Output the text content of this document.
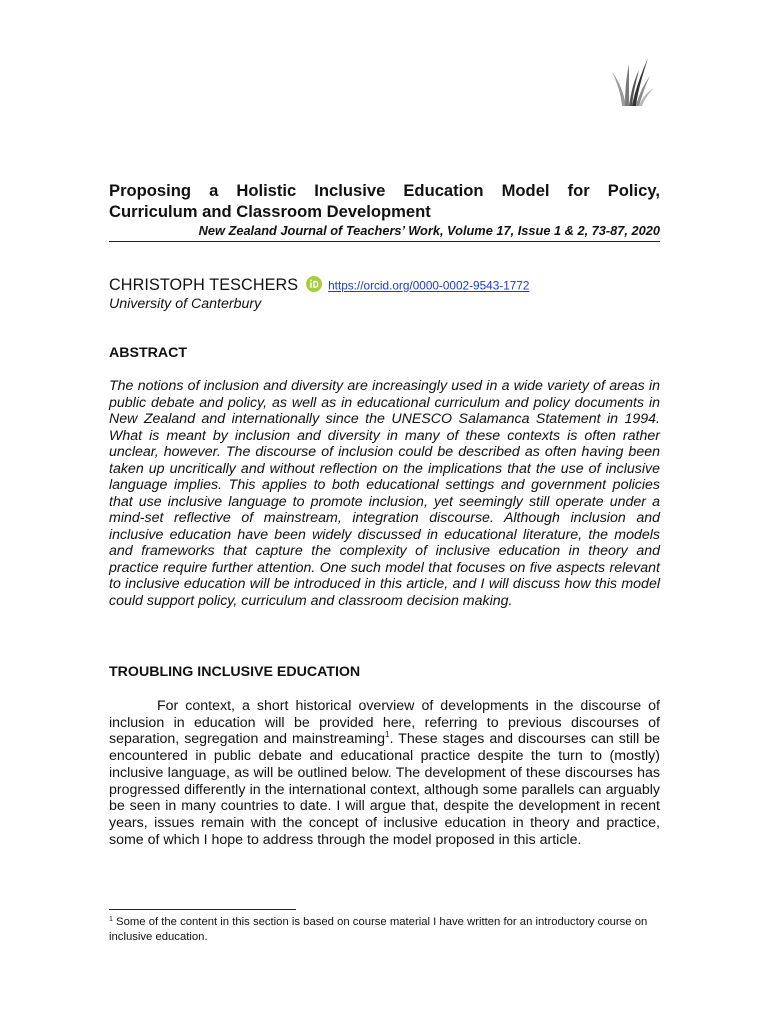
Proposing a Holistic Inclusive Education Model for Policy,
Curriculum and Classroom Development
New Zealand Journal of Teachers’ Work, Volume 17, Issue 1 & 2, 73-87, 2020
CHRISTOPH TESCHERS	https://orcid.org/0000-0002-9543-1772
University of Canterbury
ABSTRACT

The notions of inclusion and diversity are increasingly used in a wide variety of areas in public debate and policy, as well as in educational curriculum and policy documents in New Zealand and internationally since the UNESCO Salamanca Statement in 1994. What is meant by inclusion and diversity in many of these contexts is often rather unclear, however. The discourse of inclusion could be described as often having been taken up uncritically and without reflection on the implications that the use of inclusive language implies. This applies to both educational settings and government policies that use inclusive language to promote inclusion, yet seemingly still operate under a mind-set reflective of mainstream, integration discourse. Although inclusion and inclusive education have been widely discussed in educational literature, the models and frameworks that capture the complexity of inclusive education in theory and practice require further attention. One such model that focuses on five aspects relevant to inclusive education will be introduced in this article, and I will discuss how this model could support policy, curriculum and classroom decision making.

TROUBLING INCLUSIVE EDUCATION

For context, a short historical overview of developments in the discourse of inclusion in education will be provided here, referring to previous discourses of separation, segregation and mainstreaming$^1$. These stages and discourses can still be encountered in public debate and educational practice despite the turn to (mostly) inclusive language, as will be outlined below. The development of these discourses has progressed differently in the international context, although some parallels can arguably be seen in many countries to date. I will argue that, despite the development in recent years, issues remain with the concept of inclusive education in theory and practice, some of which I hope to address through the model proposed in this article.

$^1$ Some of the content in this section is based on course material I have written for an introductory course on inclusive education.
